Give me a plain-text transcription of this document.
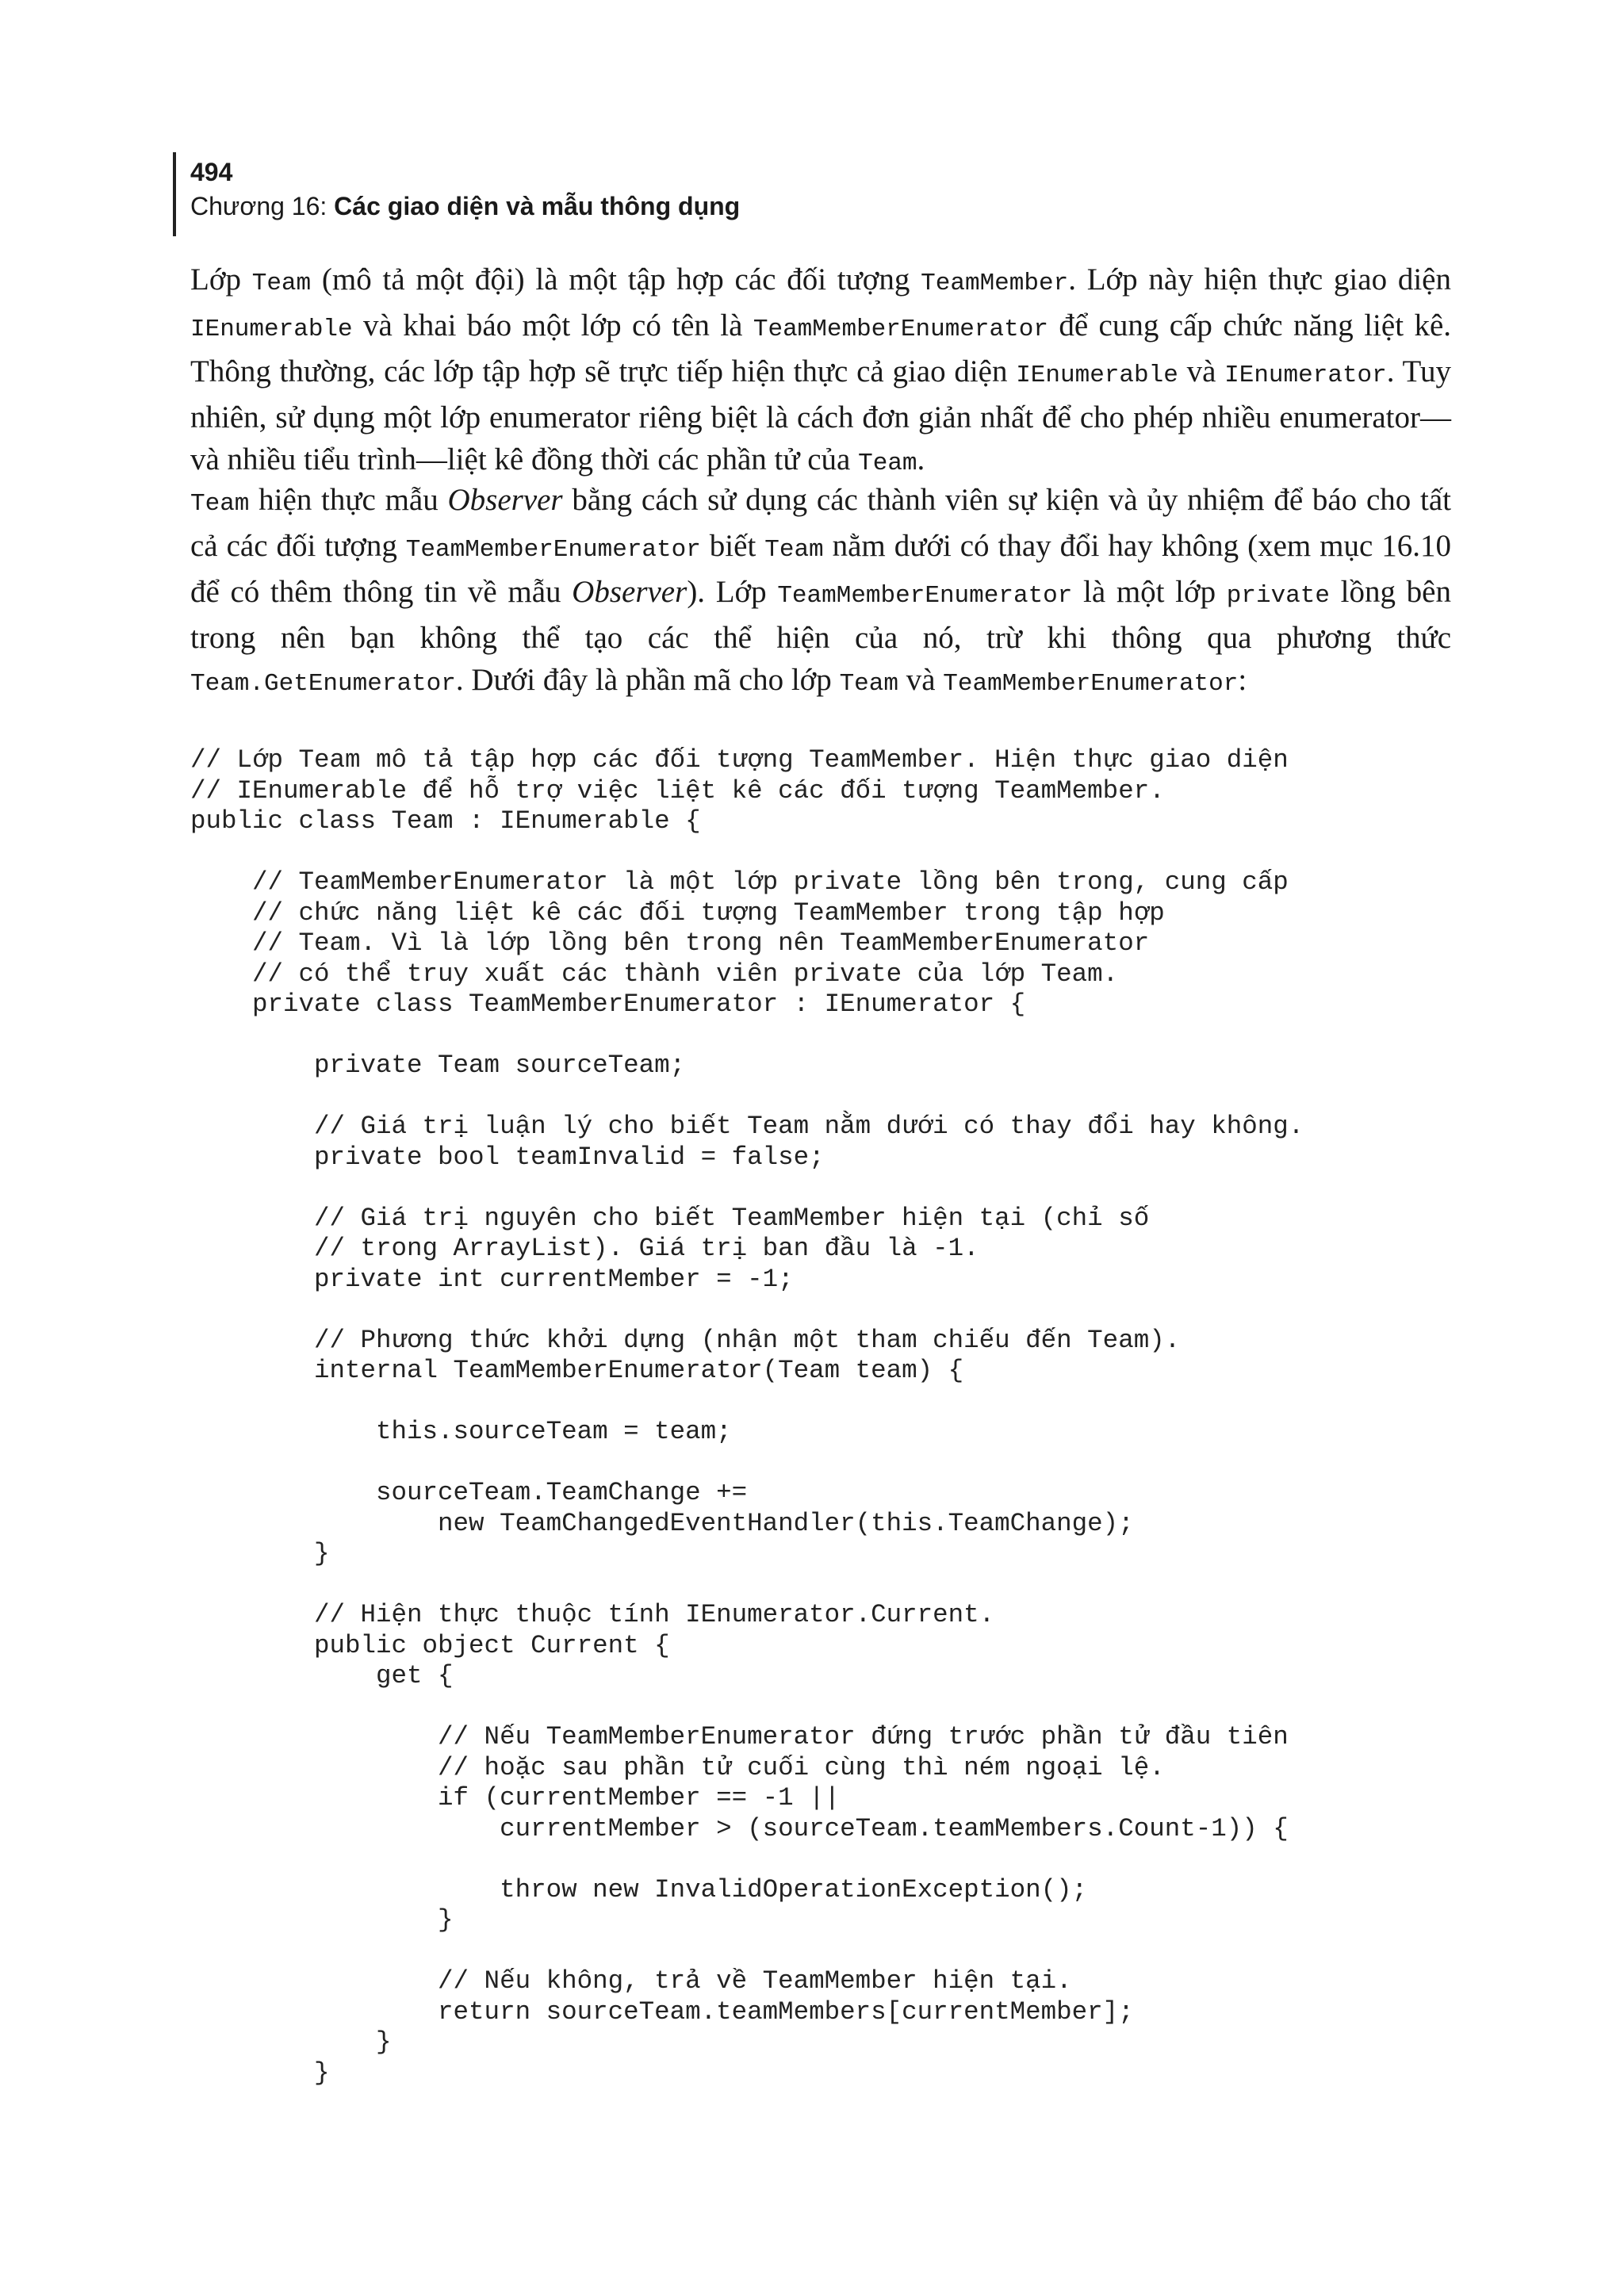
494
Chương 16: Các giao diện và mẫu thông dụng

Lớp Team (mô tả một đội) là một tập hợp các đối tượng TeamMember. Lớp này hiện thực giao diện IEnumerable và khai báo một lớp có tên là TeamMemberEnumerator để cung cấp chức năng liệt kê. Thông thường, các lớp tập hợp sẽ trực tiếp hiện thực cả giao diện IEnumerable và IEnumerator. Tuy nhiên, sử dụng một lớp enumerator riêng biệt là cách đơn giản nhất để cho phép nhiều enumerator—và nhiều tiểu trình—liệt kê đồng thời các phần tử của Team.

Team hiện thực mẫu Observer bằng cách sử dụng các thành viên sự kiện và ủy nhiệm để báo cho tất cả các đối tượng TeamMemberEnumerator biết Team nằm dưới có thay đổi hay không (xem mục 16.10 để có thêm thông tin về mẫu Observer). Lớp TeamMemberEnumerator là một lớp private lồng bên trong nên bạn không thể tạo các thể hiện của nó, trừ khi thông qua phương thức Team.GetEnumerator. Dưới đây là phần mã cho lớp Team và TeamMemberEnumerator:

// Lớp Team mô tả tập hợp các đối tượng TeamMember. Hiện thực giao diện
// IEnumerable để hỗ trợ việc liệt kê các đối tượng TeamMember.
public class Team : IEnumerable {

// TeamMemberEnumerator là một lớp private lồng bên trong, cung cấp
// chức năng liệt kê các đối tượng TeamMember trong tập hợp
// Team. Vì là lớp lồng bên trong nên TeamMemberEnumerator
// có thể truy xuất các thành viên private của lớp Team.
private class TeamMemberEnumerator : IEnumerator {

private Team sourceTeam;

// Giá trị luận lý cho biết Team nằm dưới có thay đổi hay không.
private bool teamInvalid = false;

// Giá trị nguyên cho biết TeamMember hiện tại (chỉ số
// trong ArrayList). Giá trị ban đầu là -1.
private int currentMember = -1;

// Phương thức khởi dựng (nhận một tham chiếu đến Team).
internal TeamMemberEnumerator(Team team) {

this.sourceTeam = team;

sourceTeam.TeamChange +=
new TeamChangedEventHandler(this.TeamChange);
}

// Hiện thực thuộc tính IEnumerator.Current.
public object Current {
get {

// Nếu TeamMemberEnumerator đứng trước phần tử đầu tiên
// hoặc sau phần tử cuối cùng thì ném ngoại lệ.
if (currentMember == -1 ||
currentMember > (sourceTeam.teamMembers.Count-1)) {

throw new InvalidOperationException();
}

// Nếu không, trả về TeamMember hiện tại.
return sourceTeam.teamMembers[currentMember];
}
}
